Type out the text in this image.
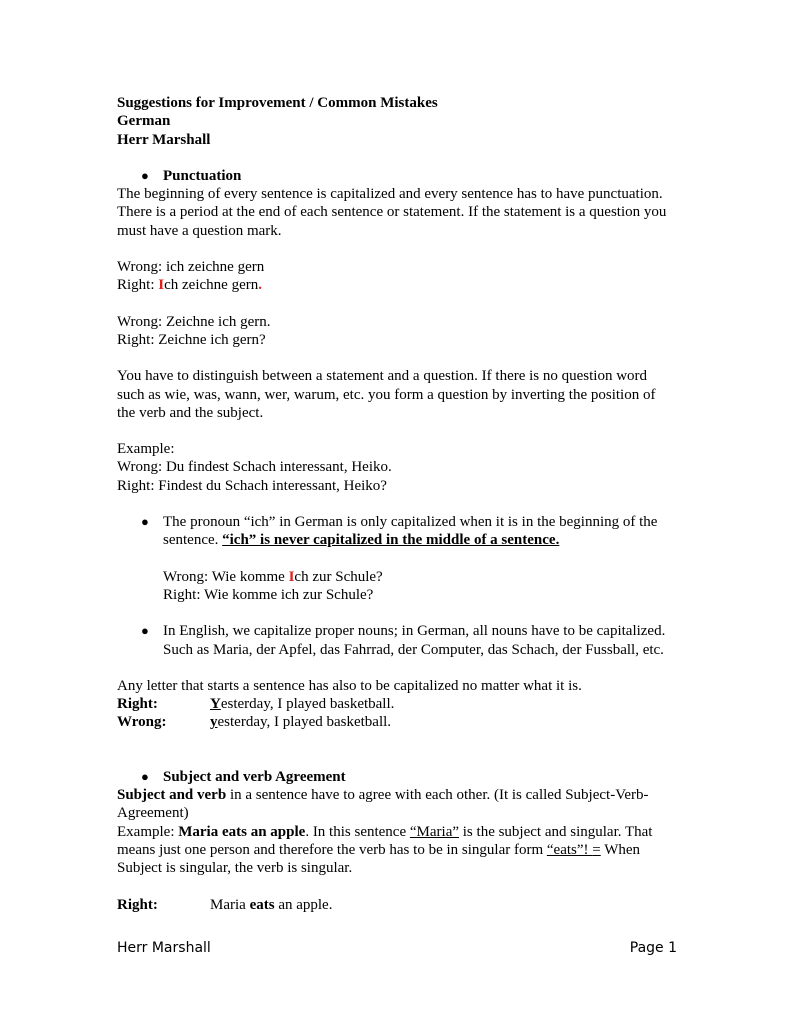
Suggestions for Improvement / Common Mistakes

German

Herr Marshall

● Punctuation

The beginning of every sentence is capitalized and every sentence has to have punctuation. There is a period at the end of each sentence or statement. If the statement is a question you must have a question mark.

Wrong: ich zeichne gern

Right: Ich zeichne gern.

Wrong: Zeichne ich gern.

Right: Zeichne ich gern?

You have to distinguish between a statement and a question. If there is no question word such as wie, was, wann, wer, warum, etc. you form a question by inverting the position of the verb and the subject.

Example:

Wrong: Du findest Schach interessant, Heiko.

Right: Findest du Schach interessant, Heiko?

● The pronoun “ich” in German is only capitalized when it is in the beginning of the sentence. “ich” is never capitalized in the middle of a sentence.

Wrong: Wie komme Ich zur Schule?

Right: Wie komme ich zur Schule?

● In English, we capitalize proper nouns; in German, all nouns have to be capitalized. Such as Maria, der Apfel, das Fahrrad, der Computer, das Schach, der Fussball, etc.

Any letter that starts a sentence has also to be capitalized no matter what it is.

Right:	Yesterday, I played basketball.

Wrong:	yesterday, I played basketball.

● Subject and verb Agreement

Subject and verb in a sentence have to agree with each other. (It is called Subject-Verb-Agreement)

Example: Maria eats an apple. In this sentence “Maria” is the subject and singular. That means just one person and therefore the verb has to be in singular form “eats”! = When Subject is singular, the verb is singular.

Right:	Maria eats an apple.

Herr Marshall	Page 1
